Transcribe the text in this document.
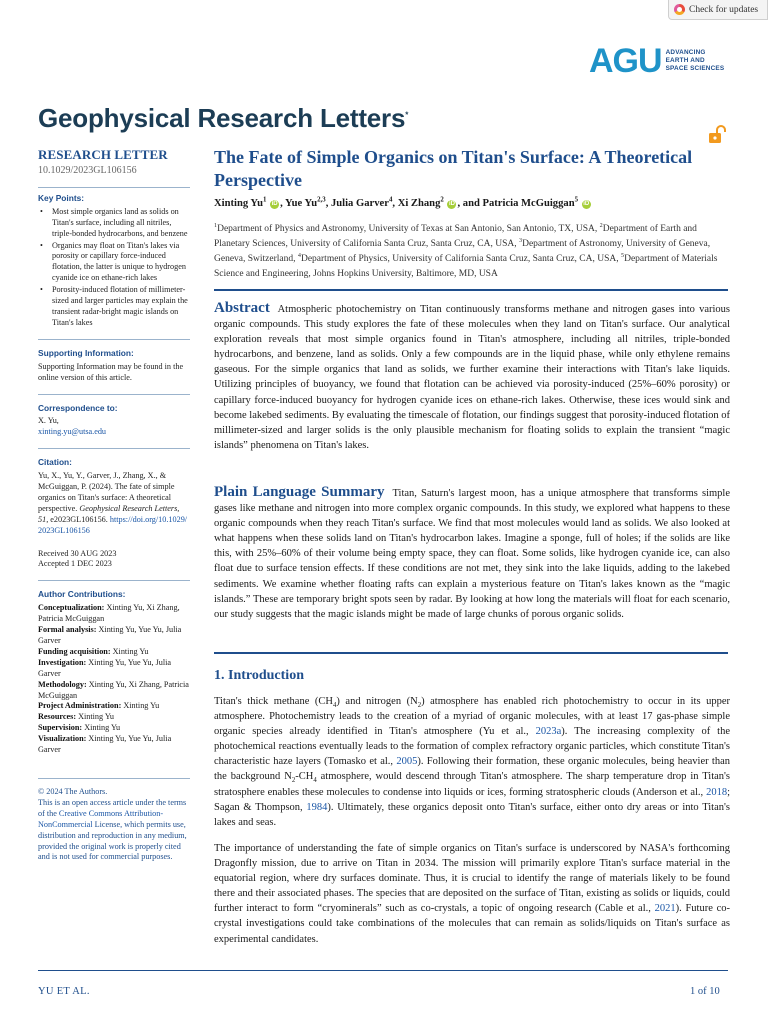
Check for updates
AGU ADVANCING
EARTH AND
SPACE SCIENCES
Geophysical Research Letters*
RESEARCH LETTER
10.1029/2023GL106156
Key Points:
• Most simple organics land as solids on Titan's surface, including all nitriles, triple-bonded hydrocarbons, and benzene
• Organics may float on Titan's lakes via porosity or capillary force-induced flotation, the latter is unique to hydrogen cyanide ice on ethane-rich lakes
• Porosity-induced flotation of millimeter-sized and larger particles may explain the transient radar-bright magic islands on Titan's lakes
Supporting Information:
Supporting Information may be found in the online version of this article.
Correspondence to:
X. Yu,
xinting.yu@utsa.edu
Citation:
Yu, X., Yu, Y., Garver, J., Zhang, X., & McGuiggan, P. (2024). The fate of simple organics on Titan's surface: A theoretical perspective. Geophysical Research Letters, 51, e2023GL106156. https://doi.org/10.1029/2023GL106156
Received 30 AUG 2023
Accepted 1 DEC 2023
Author Contributions:
Conceptualization: Xinting Yu, Xi Zhang, Patricia McGuiggan
Formal analysis: Xinting Yu, Yue Yu, Julia Garver
Funding acquisition: Xinting Yu
Investigation: Xinting Yu, Yue Yu, Julia Garver
Methodology: Xinting Yu, Xi Zhang, Patricia McGuiggan
Project Administration: Xinting Yu
Resources: Xinting Yu
Supervision: Xinting Yu
Visualization: Xinting Yu, Yue Yu, Julia Garver
© 2024 The Authors.
This is an open access article under the terms of the Creative Commons Attribution-NonCommercial License, which permits use, distribution and reproduction in any medium, provided the original work is properly cited and is not used for commercial purposes.
The Fate of Simple Organics on Titan's Surface: A Theoretical Perspective
Xinting Yu$^1$ iD , Yue Yu$^{2,3}$, Julia Garver$^4$, Xi Zhang$^2$ iD , and Patricia McGuiggan$^5$ iD
$^1$Department of Physics and Astronomy, University of Texas at San Antonio, San Antonio, TX, USA, $^2$Department of Earth and Planetary Sciences, University of California Santa Cruz, Santa Cruz, CA, USA, $^3$Department of Astronomy, University of Geneva, Geneva, Switzerland, $^4$Department of Physics, University of California Santa Cruz, Santa Cruz, CA, USA, $^5$Department of Materials Science and Engineering, Johns Hopkins University, Baltimore, MD, USA
Abstract Atmospheric photochemistry on Titan continuously transforms methane and nitrogen gases into various organic compounds. This study explores the fate of these molecules when they land on Titan's surface. Our analytical exploration reveals that most simple organics found in Titan's atmosphere, including all nitriles, triple-bonded hydrocarbons, and benzene, land as solids. Only a few compounds are in the liquid phase, while only ethylene remains gaseous. For the simple organics that land as solids, we further examine their interactions with Titan's lake liquids. Utilizing principles of buoyancy, we found that flotation can be achieved via porosity-induced (25%–60% porosity) or capillary force-induced buoyancy for hydrogen cyanide ices on ethane-rich lakes. Otherwise, these ices would sink and become lakebed sediments. By evaluating the timescale of flotation, our findings suggest that porosity-induced flotation of millimeter-sized and larger solids is the only plausible mechanism for floating solids to explain the transient “magic islands” phenomena on Titan's lakes.
Plain Language Summary Titan, Saturn's largest moon, has a unique atmosphere that transforms simple gases like methane and nitrogen into more complex organic compounds. In this study, we explored what happens to these organic compounds when they reach Titan's surface. We find that most molecules would land as solids. We also looked at what happens when these solids land on Titan's hydrocarbon lakes. Imagine a sponge, full of holes; if the solids are like this, with 25%–60% of their volume being empty space, they can float. Some solids, like hydrogen cyanide ice, can also float due to surface tension effects. If these conditions are not met, they sink into the lake liquids, adding to the lakebed sediments. We examine whether floating rafts can explain a mysterious feature on Titan's lakes known as the “magic islands.” These are temporary bright spots seen by radar. By looking at how long the materials will float for each scenario, our study suggests that the magic islands might be made of large chunks of porous organic solids.
1. Introduction
Titan's thick methane $(CH_4)$ and nitrogen $(N_2)$ atmosphere has enabled rich photochemistry to occur in its upper atmosphere. Photochemistry leads to the creation of a myriad of organic molecules, with at least 17 gas-phase simple organic species already identified in Titan's atmosphere (Yu et al., 2023a). The increasing complexity of the photochemical reactions eventually leads to the formation of complex refractory organic particles, which constitute Titan's characteristic haze layers (Tomasko et al., 2005). Following their formation, these organic molecules, being heavier than the background $N_2-CH_4$ atmosphere, would descend through Titan's atmosphere. The sharp temperature drop in Titan's stratosphere enables these molecules to condense into liquids or ices, forming stratospheric clouds (Anderson et al., 2018; Sagan & Thompson, 1984). Ultimately, these organics deposit onto Titan's surface, either onto dry areas or into Titan's lakes and seas.
The importance of understanding the fate of simple organics on Titan's surface is underscored by NASA's forthcoming Dragonfly mission, due to arrive on Titan in 2034. The mission will primarily explore Titan's surface material in the equatorial region, where dry surfaces dominate. Thus, it is crucial to identify the range of materials likely to be found there and their associated phases. The species that are deposited on the surface of Titan, existing as solids or liquids, could further interact to form “cryominerals” such as co-crystals, a topic of ongoing research (Cable et al., 2021). Future co-crystal investigations could take combinations of the molecules that can remain as solids/liquids on Titan's surface as experimental candidates.
YU ET AL.	1 of 10
